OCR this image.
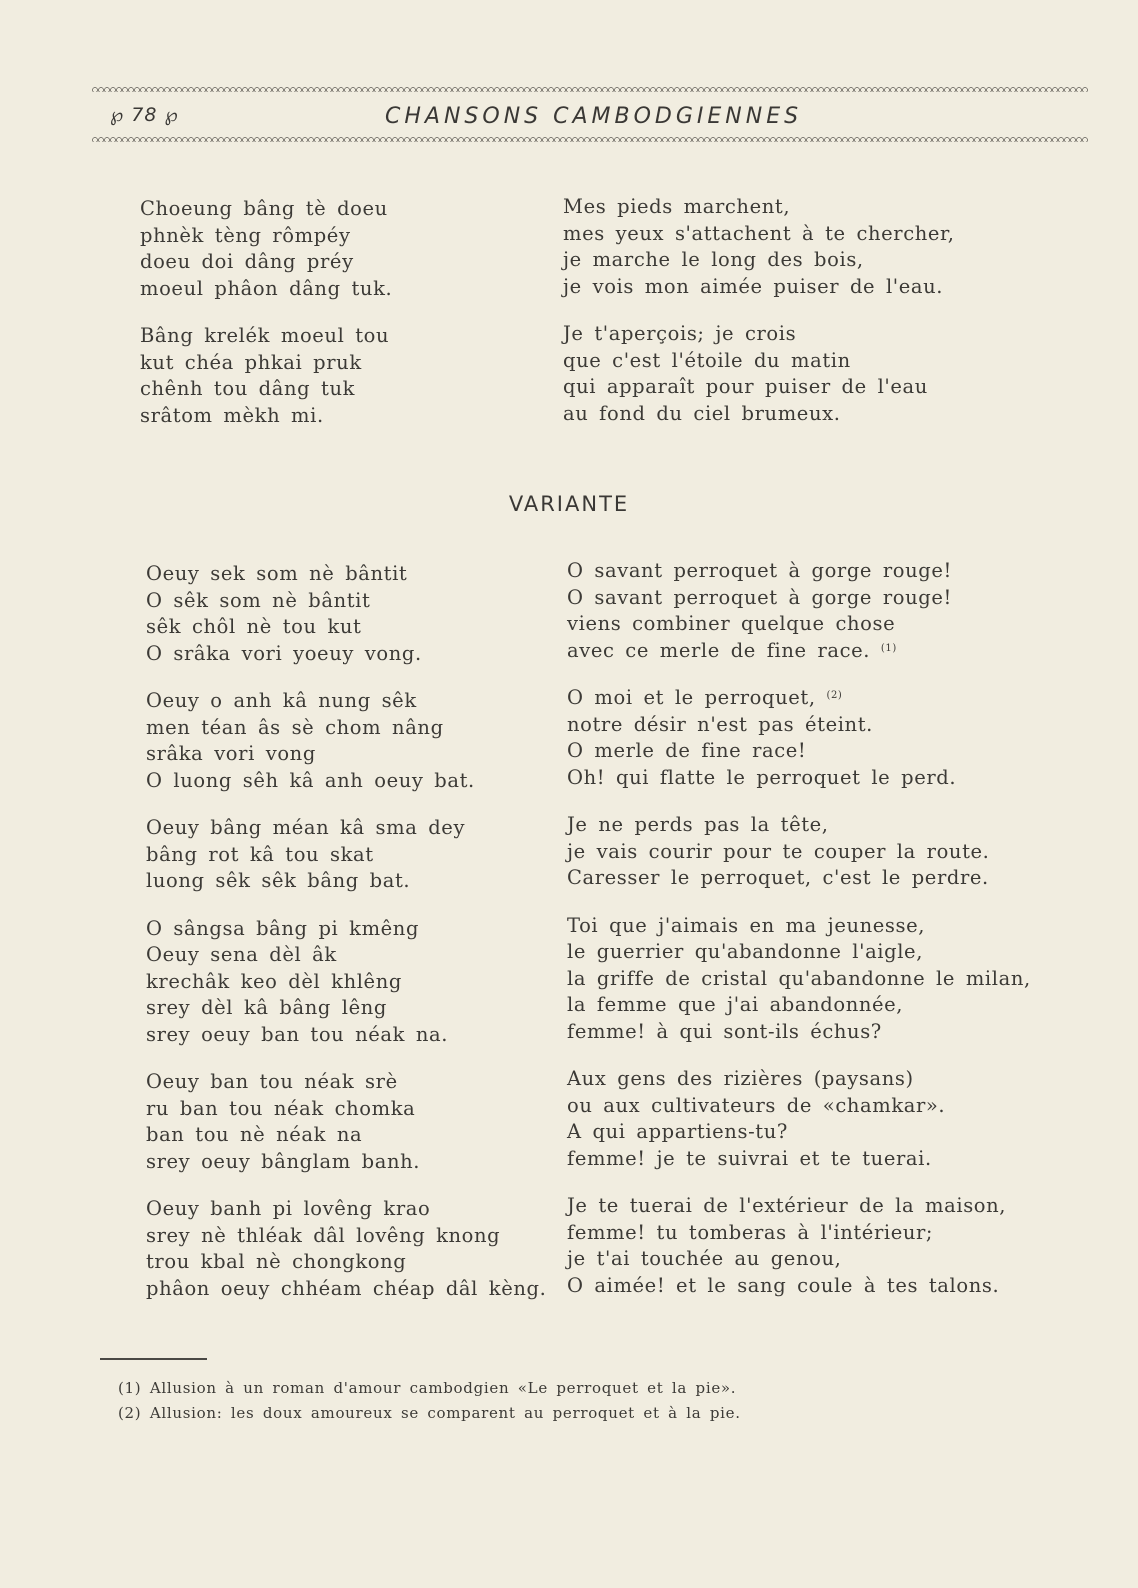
℘ 78 ℘	CHANSONS CAMBODGIENNES
Choeung bâng tè doeu
phnèk tèng rômpéy
doeu doi dâng préy
moeul phâon dâng tuk.
Bâng krelék moeul tou
kut chéa phkai pruk
chênh tou dâng tuk
srâtom mèkh mi.
Mes pieds marchent,
mes yeux s'attachent à te chercher,
je marche le long des bois,
je vois mon aimée puiser de l'eau.
Je t'aperçois; je crois
que c'est l'étoile du matin
qui apparaît pour puiser de l'eau
au fond du ciel brumeux.
VARIANTE
Oeuy sek som nè bântit
O sêk som nè bântit
sêk chôl nè tou kut
O srâka vori yoeuy vong.
Oeuy o anh kâ nung sêk
men téan âs sè chom nâng
srâka vori vong
O luong sêh kâ anh oeuy bat.
Oeuy bâng méan kâ sma dey
bâng rot kâ tou skat
luong sêk sêk bâng bat.
O sângsa bâng pi kmêng
Oeuy sena dèl âk
krechâk keo dèl khlêng
srey dèl kâ bâng lêng
srey oeuy ban tou néak na.
Oeuy ban tou néak srè
ru ban tou néak chomka
ban tou nè néak na
srey oeuy bânglam banh.
Oeuy banh pi lovêng krao
srey nè thléak dâl lovêng knong
trou kbal nè chongkong
phâon oeuy chhéam chéap dâl kèng.
O savant perroquet à gorge rouge!
O savant perroquet à gorge rouge!
viens combiner quelque chose
avec ce merle de fine race. $^{(1)}$
O moi et le perroquet, $^{(2)}$
notre désir n'est pas éteint.
O merle de fine race!
Oh! qui flatte le perroquet le perd.
Je ne perds pas la tête,
je vais courir pour te couper la route.
Caresser le perroquet, c'est le perdre.
Toi que j'aimais en ma jeunesse,
le guerrier qu'abandonne l'aigle,
la griffe de cristal qu'abandonne le milan,
la femme que j'ai abandonnée,
femme! à qui sont-ils échus?
Aux gens des rizières (paysans)
ou aux cultivateurs de «chamkar».
A qui appartiens-tu?
femme! je te suivrai et te tuerai.
Je te tuerai de l'extérieur de la maison,
femme! tu tomberas à l'intérieur;
je t'ai touchée au genou,
O aimée! et le sang coule à tes talons.
(1) Allusion à un roman d'amour cambodgien «Le perroquet et la pie».
(2) Allusion: les doux amoureux se comparent au perroquet et à la pie.
